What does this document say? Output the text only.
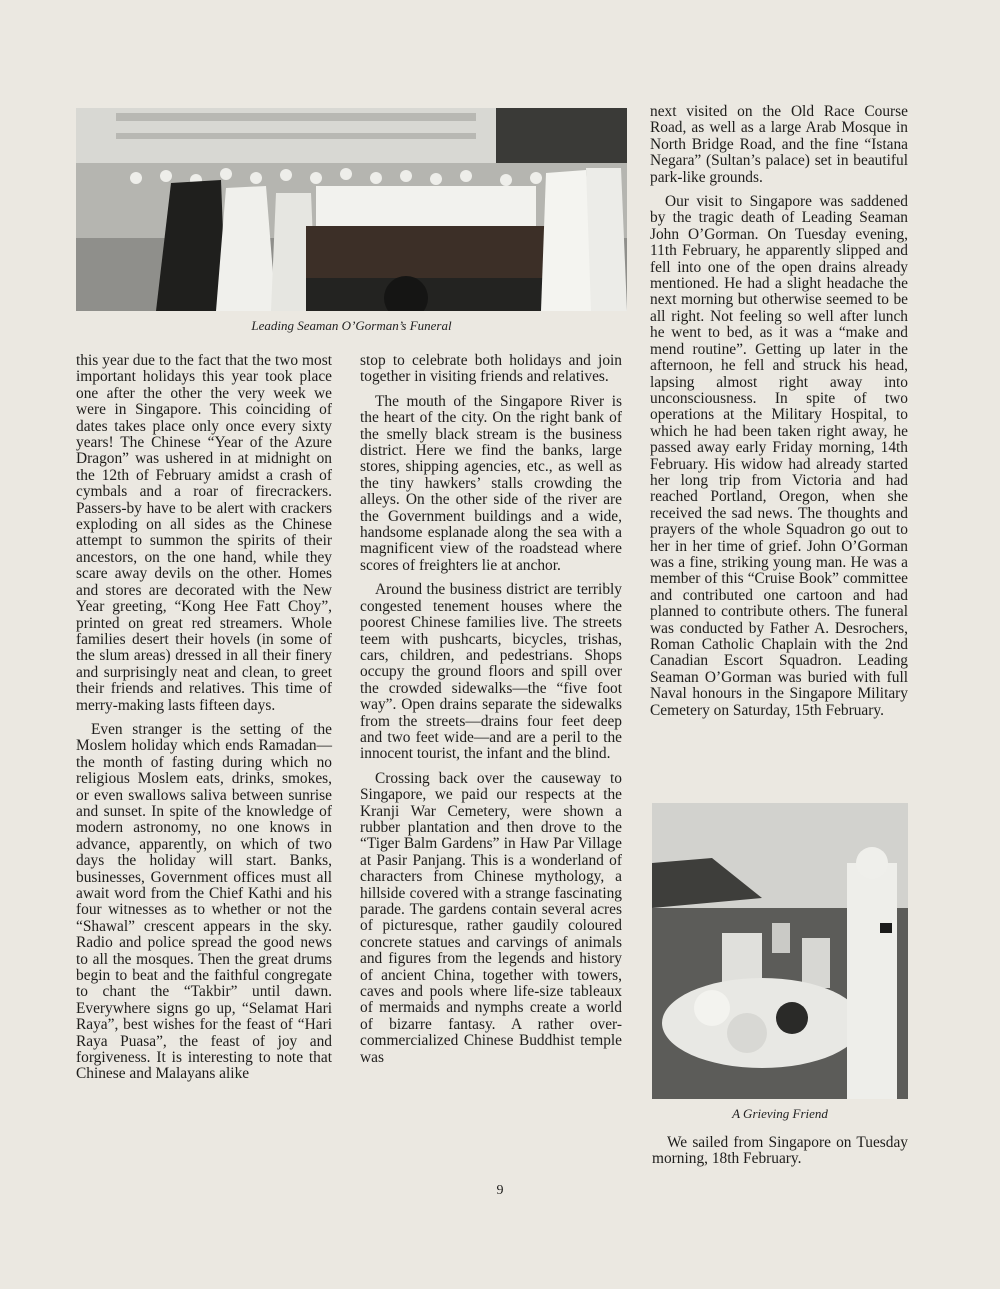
Leading Seaman O’Gorman’s Funeral

this year due to the fact that the two most important holidays this year took place one after the other the very week we were in Singapore. This coinciding of dates takes place only once every sixty years! The Chinese “Year of the Azure Dragon” was ushered in at midnight on the 12th of February amidst a crash of cymbals and a roar of firecrackers. Passers-by have to be alert with crackers exploding on all sides as the Chinese attempt to summon the spirits of their ancestors, on the one hand, while they scare away devils on the other. Homes and stores are decorated with the New Year greeting, “Kong Hee Fatt Choy”, printed on great red streamers. Whole families desert their hovels (in some of the slum areas) dressed in all their finery and surprisingly neat and clean, to greet their friends and relatives. This time of merry-making lasts fifteen days.

Even stranger is the setting of the Moslem holiday which ends Ramadan—the month of fasting during which no religious Moslem eats, drinks, smokes, or even swallows saliva between sunrise and sunset. In spite of the knowledge of modern astronomy, no one knows in advance, apparently, on which of two days the holiday will start. Banks, businesses, Government offices must all await word from the Chief Kathi and his four witnesses as to whether or not the “Shawal” crescent appears in the sky. Radio and police spread the good news to all the mosques. Then the great drums begin to beat and the faithful congregate to chant the “Takbir” until dawn. Everywhere signs go up, “Selamat Hari Raya”, best wishes for the feast of “Hari Raya Puasa”, the feast of joy and forgiveness. It is interesting to note that Chinese and Malayans alike

stop to celebrate both holidays and join together in visiting friends and relatives.

The mouth of the Singapore River is the heart of the city. On the right bank of the smelly black stream is the business district. Here we find the banks, large stores, shipping agencies, etc., as well as the tiny hawkers’ stalls crowding the alleys. On the other side of the river are the Government buildings and a wide, handsome esplanade along the sea with a magnificent view of the roadstead where scores of freighters lie at anchor.

Around the business district are terribly congested tenement houses where the poorest Chinese families live. The streets teem with pushcarts, bicycles, trishas, cars, children, and pedestrians. Shops occupy the ground floors and spill over the crowded sidewalks—the “five foot way”. Open drains separate the sidewalks from the streets—drains four feet deep and two feet wide—and are a peril to the innocent tourist, the infant and the blind.

Crossing back over the causeway to Singapore, we paid our respects at the Kranji War Cemetery, were shown a rubber plantation and then drove to the “Tiger Balm Gardens” in Haw Par Village at Pasir Panjang. This is a wonderland of characters from Chinese mythology, a hillside covered with a strange fascinating parade. The gardens contain several acres of picturesque, rather gaudily coloured concrete statues and carvings of animals and figures from the legends and history of ancient China, together with towers, caves and pools where life-size tableaux of mermaids and nymphs create a world of bizarre fantasy. A rather over-commercialized Chinese Buddhist temple was

next visited on the Old Race Course Road, as well as a large Arab Mosque in North Bridge Road, and the fine “Istana Negara” (Sultan’s palace) set in beautiful park-like grounds.

Our visit to Singapore was saddened by the tragic death of Leading Seaman John O’Gorman. On Tuesday evening, 11th February, he apparently slipped and fell into one of the open drains already mentioned. He had a slight headache the next morning but otherwise seemed to be all right. Not feeling so well after lunch he went to bed, as it was a “make and mend routine”. Getting up later in the afternoon, he fell and struck his head, lapsing almost right away into unconsciousness. In spite of two operations at the Military Hospital, to which he had been taken right away, he passed away early Friday morning, 14th February. His widow had already started her long trip from Victoria and had reached Portland, Oregon, when she received the sad news. The thoughts and prayers of the whole Squadron go out to her in her time of grief. John O’Gorman was a fine, striking young man. He was a member of this “Cruise Book” committee and contributed one cartoon and had planned to contribute others. The funeral was conducted by Father A. Desrochers, Roman Catholic Chaplain with the 2nd Canadian Escort Squadron. Leading Seaman O’Gorman was buried with full Naval honours in the Singapore Military Cemetery on Saturday, 15th February.

A Grieving Friend

We sailed from Singapore on Tuesday morning, 18th February.

9
